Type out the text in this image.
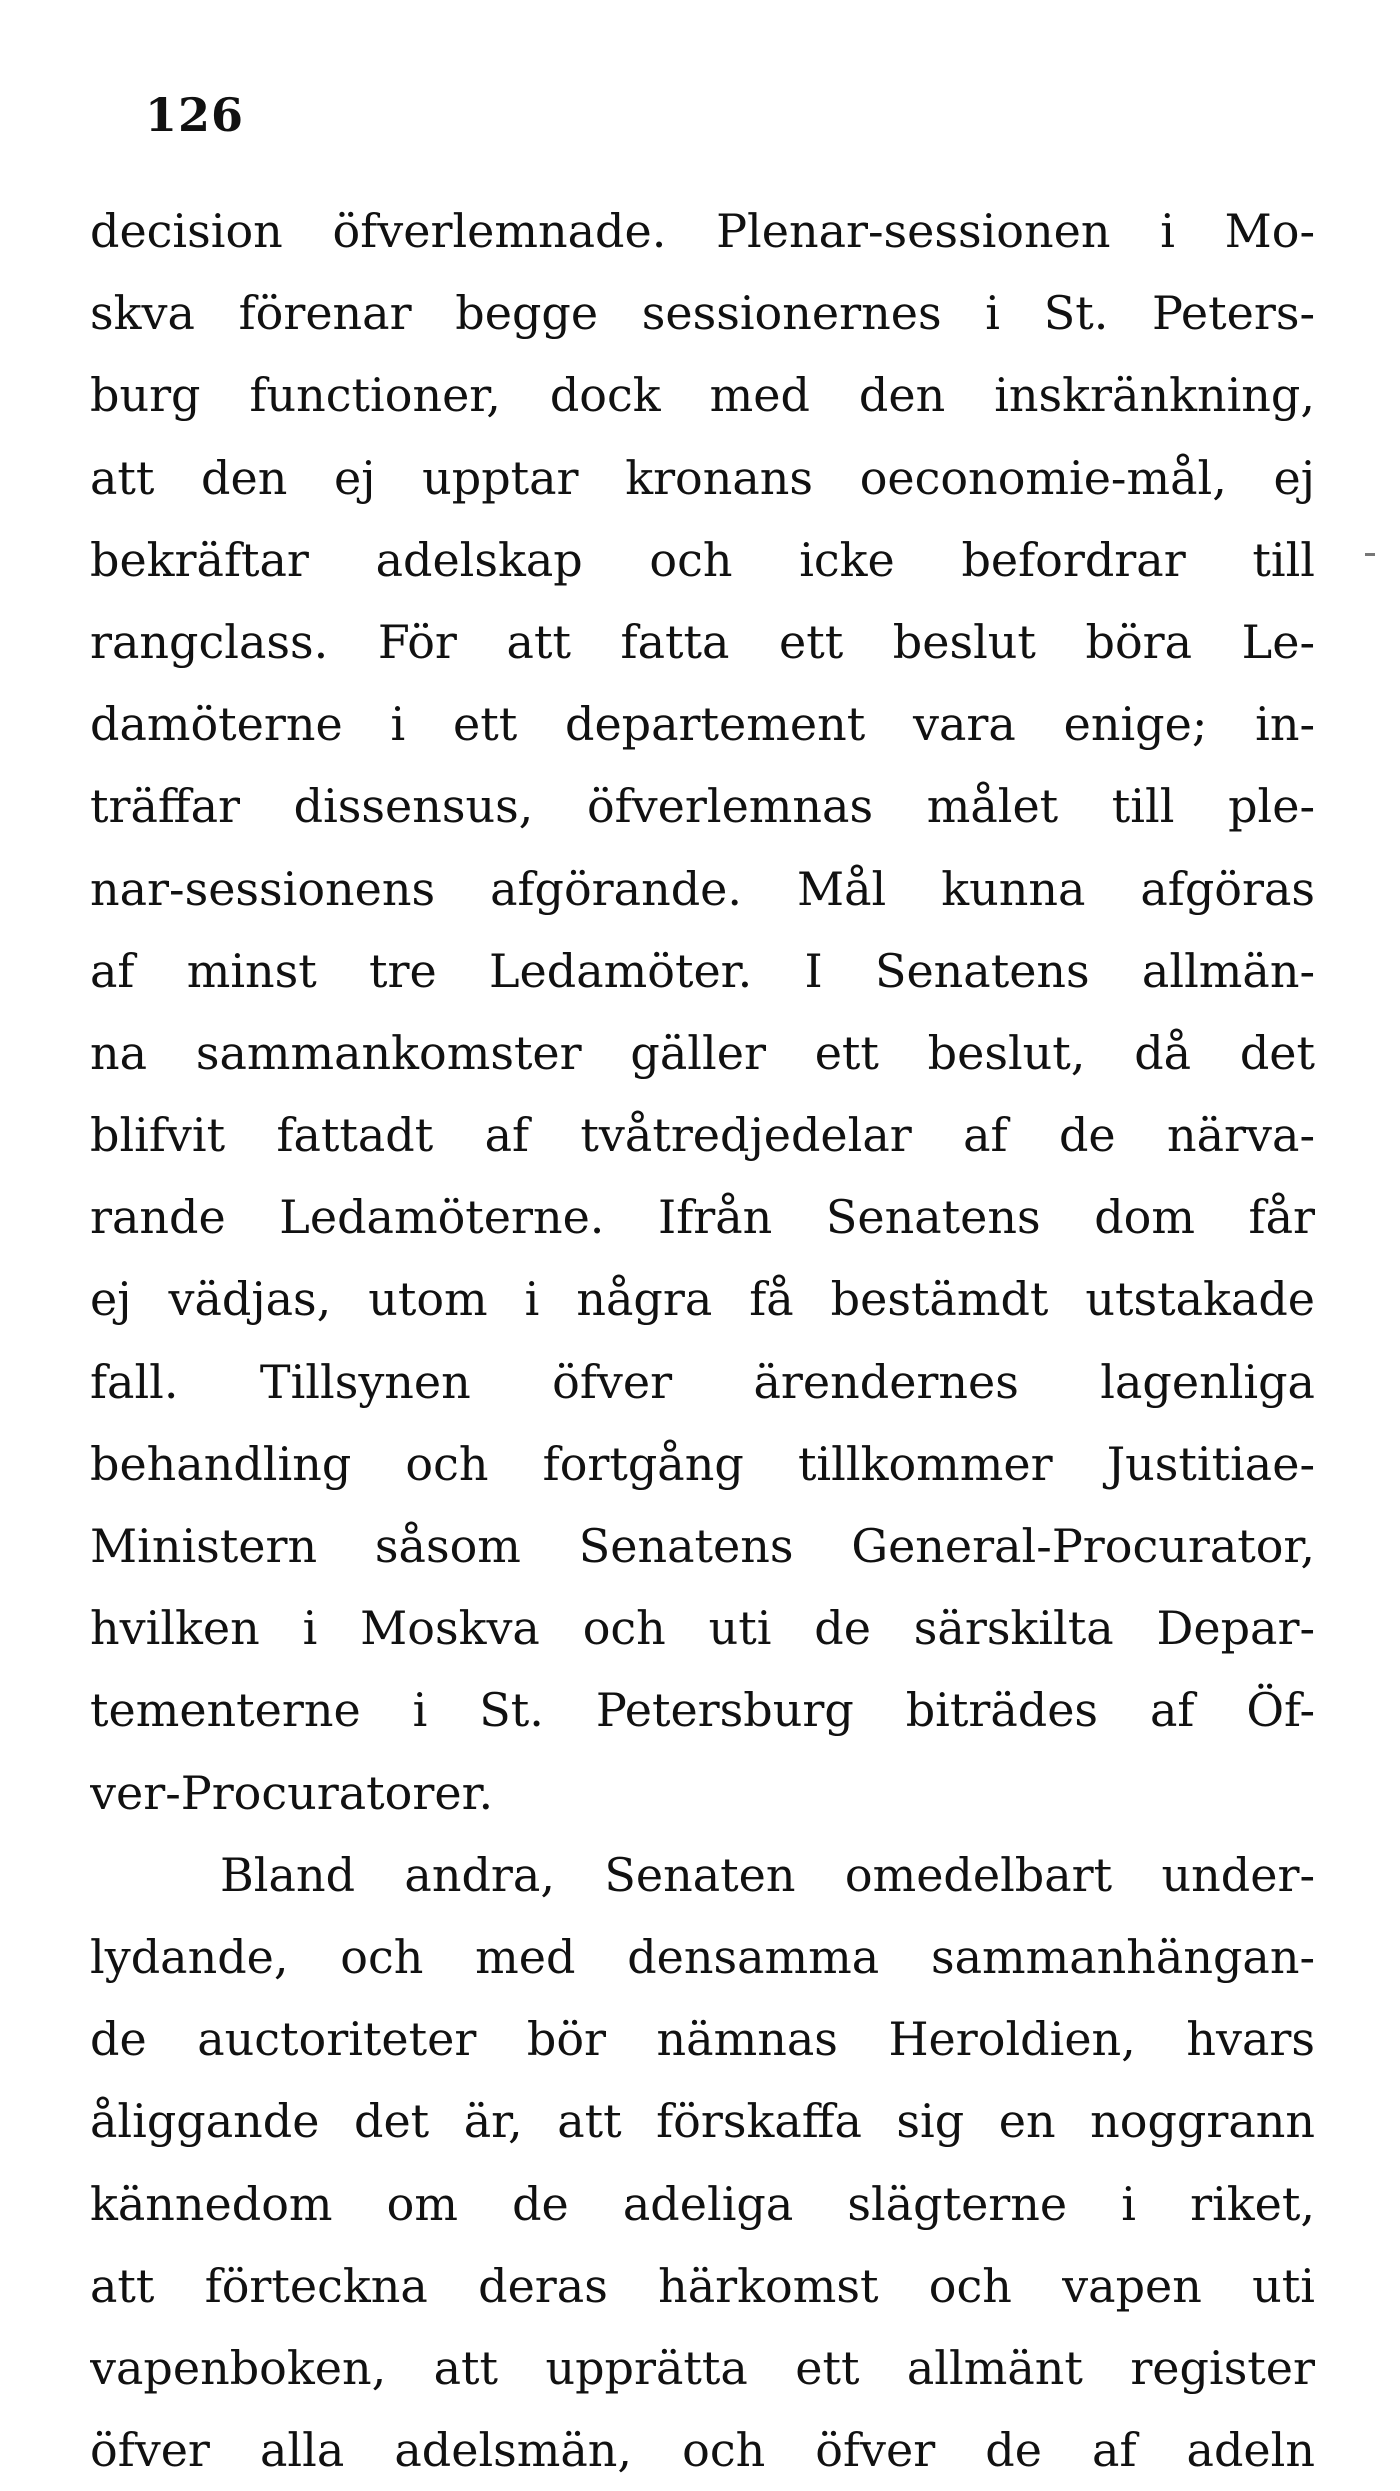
126
decision öfverlemnade. Plenar-sessionen i Mo-
skva förenar begge sessionernes i St. Peters-
burg functioner, dock med den inskränkning,
att den ej upptar kronans oeconomie-mål, ej
bekräftar adelskap och icke befordrar till
rangclass. För att fatta ett beslut böra Le-
damöterne i ett departement vara enige; in-
träffar dissensus, öfverlemnas målet till ple-
nar-sessionens afgörande. Mål kunna afgöras
af minst tre Ledamöter. I Senatens allmän-
na sammankomster gäller ett beslut, då det
blifvit fattadt af tvåtredjedelar af de närva-
rande Ledamöterne. Ifrån Senatens dom får
ej vädjas, utom i några få bestämdt utstakade
fall. Tillsynen öfver ärendernes lagenliga
behandling och fortgång tillkommer Justitiae-
Ministern såsom Senatens General-Procurator,
hvilken i Moskva och uti de särskilta Depar-
tementerne i St. Petersburg biträdes af Öf-
ver-Procuratorer.
Bland andra, Senaten omedelbart under-
lydande, och med densamma sammanhängan-
de auctoriteter bör nämnas Heroldien, hvars
åliggande det är, att förskaffa sig en noggrann
kännedom om de adeliga slägterne i riket,
att förteckna deras härkomst och vapen uti
vapenboken, att upprätta ett allmänt register
öfver alla adelsmän, och öfver de af adeln
